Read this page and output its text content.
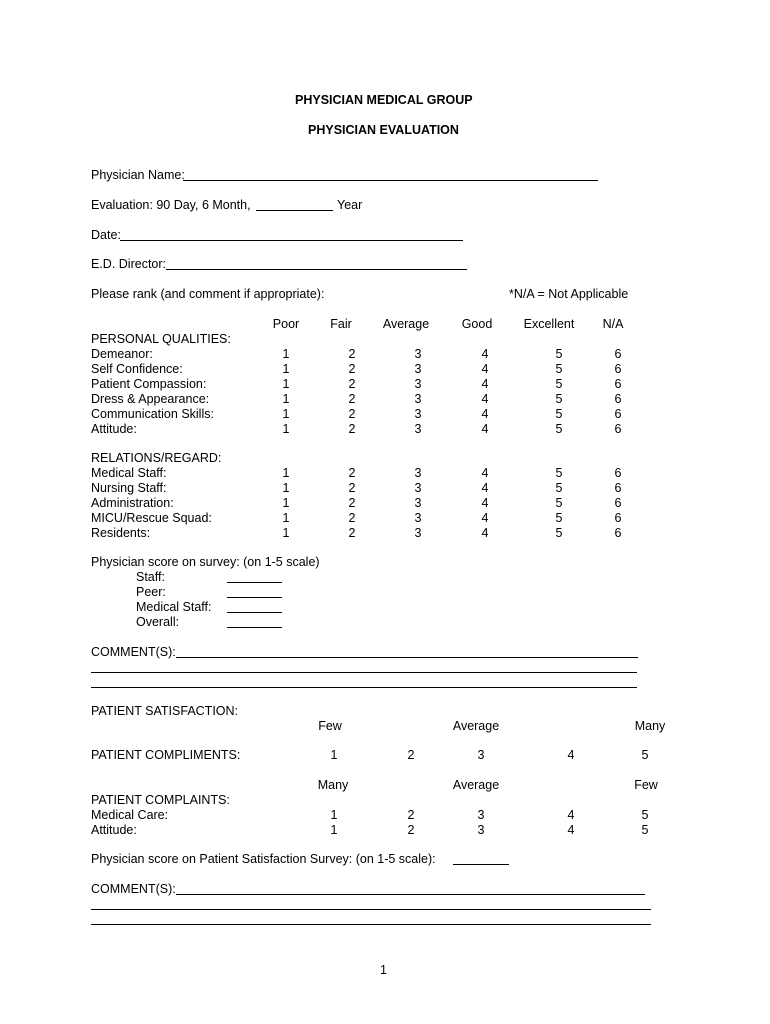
PHYSICIAN MEDICAL GROUP
PHYSICIAN EVALUATION
Physician Name:
Evaluation: 90 Day, 6 Month,	Year
Date:
E.D. Director:
Please rank (and comment if appropriate):	*N/A = Not Applicable
Poor Fair Average	Good	Excellent N/A
PERSONAL QUALITIES:
Demeanor:	1	2	3	4	5	6
Self Confidence:	1	2	3	4	5	6
Patient Compassion:	1	2	3	4	5	6
Dress & Appearance:	1	2	3	4	5	6
Communication Skills:	1	2	3	4	5	6
Attitude:	1	2	3	4	5	6
RELATIONS/REGARD:
Medical Staff:	1	2	3	4	5	6
Nursing Staff:	1	2	3	4	5	6
Administration:	1	2	3	4	5	6
MICU/Rescue Squad:	1	2	3	4	5	6
Residents:	1	2	3	4	5	6
Physician score on survey: (on 1-5 scale)
Staff:
Peer:
Medical Staff:
Overall:
COMMENT(S):
PATIENT SATISFACTION:
Few	Average	Many
PATIENT COMPLIMENTS:	1	2	3	4	5
Many	Average	Few
PATIENT COMPLAINTS:
Medical Care:	1	2	3	4	5
Attitude:	1	2	3	4	5
Physician score on Patient Satisfaction Survey: (on 1-5 scale):
COMMENT(S):
1
